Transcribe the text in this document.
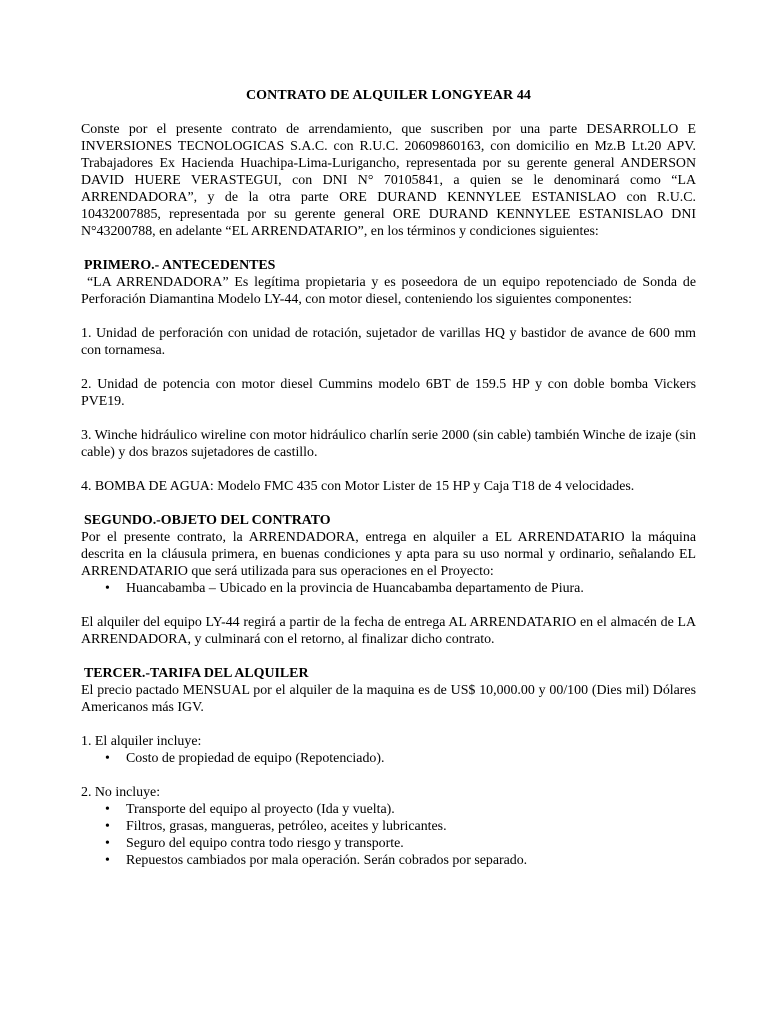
CONTRATO DE ALQUILER LONGYEAR 44

Conste por el presente contrato de arrendamiento, que suscriben por una parte DESARROLLO E INVERSIONES TECNOLOGICAS S.A.C. con R.U.C. 20609860163, con domicilio en Mz.B Lt.20 APV. Trabajadores Ex Hacienda Huachipa-Lima-Lurigancho, representada por su gerente general ANDERSON DAVID HUERE VERASTEGUI, con DNI N° 70105841, a quien se le denominará como “LA ARRENDADORA”, y de la otra parte ORE DURAND KENNYLEE ESTANISLAO con R.U.C. 10432007885, representada por su gerente general ORE DURAND KENNYLEE ESTANISLAO DNI N°43200788, en adelante “EL ARRENDATARIO”, en los términos y condiciones siguientes:

PRIMERO.- ANTECEDENTES

“LA ARRENDADORA” Es legítima propietaria y es poseedora de un equipo repotenciado de Sonda de Perforación Diamantina Modelo LY-44, con motor diesel, conteniendo los siguientes componentes:

1. Unidad de perforación con unidad de rotación, sujetador de varillas HQ y bastidor de avance de 600 mm con tornamesa.

2. Unidad de potencia con motor diesel Cummins modelo 6BT de 159.5 HP y con doble bomba Vickers PVE19.

3. Winche hidráulico wireline con motor hidráulico charlín serie 2000 (sin cable) también Winche de izaje (sin cable) y dos brazos sujetadores de castillo.

4. BOMBA DE AGUA: Modelo FMC 435 con Motor Lister de 15 HP y Caja T18 de 4 velocidades.

SEGUNDO.-OBJETO DEL CONTRATO

Por el presente contrato, la ARRENDADORA, entrega en alquiler a EL ARRENDATARIO la máquina descrita en la cláusula primera, en buenas condiciones y apta para su uso normal y ordinario, señalando EL ARRENDATARIO que será utilizada para sus operaciones en el Proyecto:

• Huancabamba – Ubicado en la provincia de Huancabamba departamento de Piura.

El alquiler del equipo LY-44 regirá a partir de la fecha de entrega AL ARRENDATARIO en el almacén de LA ARRENDADORA, y culminará con el retorno, al finalizar dicho contrato.

TERCER.-TARIFA DEL ALQUILER

El precio pactado MENSUAL por el alquiler de la maquina es de US$ 10,000.00 y 00/100 (Dies mil) Dólares Americanos más IGV.

1. El alquiler incluye:

• Costo de propiedad de equipo (Repotenciado).

2. No incluye:

• Transporte del equipo al proyecto (Ida y vuelta).
• Filtros, grasas, mangueras, petróleo, aceites y lubricantes.
• Seguro del equipo contra todo riesgo y transporte.
• Repuestos cambiados por mala operación. Serán cobrados por separado.
